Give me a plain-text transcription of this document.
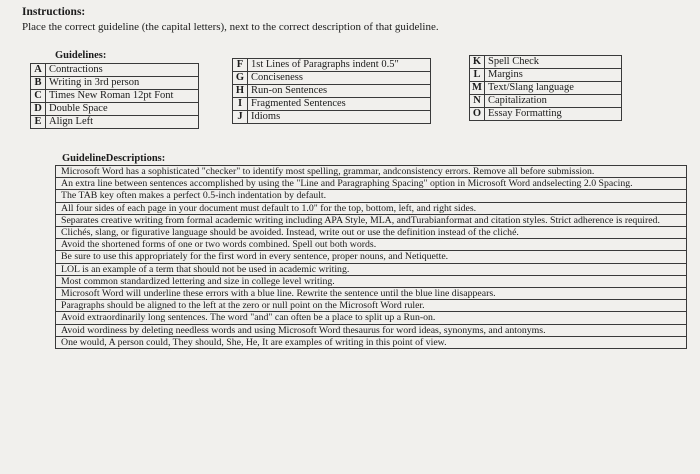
Instructions:
Place the correct guideline (the capital letters), next to the correct description of that guideline.
Guidelines:
A	Contractions
B	Writing in 3rd person
C	Times New Roman 12pt Font
D	Double Space
E	Align Left
F	1st Lines of Paragraphs indent 0.5"
G	Conciseness
H	Run-on Sentences
I	Fragmented Sentences
J	Idioms
K	Spell Check
L	Margins
M	Text/Slang language
N	Capitalization
O	Essay Formatting
GuidelineDescriptions:
Microsoft Word has a sophisticated "checker" to identify most spelling, grammar, andconsistency errors. Remove all before submission.
An extra line between sentences accomplished by using the "Line and Paragraphing Spacing" option in Microsoft Word andselecting 2.0 Spacing.
The TAB key often makes a perfect 0.5-inch indentation by default.
All four sides of each page in your document must default to 1.0" for the top, bottom, left, and right sides.
Separates creative writing from formal academic writing including APA Style, MLA, andTurabianformat and citation styles. Strict adherence is required.
Clichés, slang, or figurative language should be avoided. Instead, write out or use the definition instead of the cliché.
Avoid the shortened forms of one or two words combined. Spell out both words.
Be sure to use this appropriately for the first word in every sentence, proper nouns, and Netiquette.
LOL is an example of a term that should not be used in academic writing.
Most common standardized lettering and size in college level writing.
Microsoft Word will underline these errors with a blue line. Rewrite the sentence until the blue line disappears.
Paragraphs should be aligned to the left at the zero or null point on the Microsoft Word ruler.
Avoid extraordinarily long sentences. The word "and" can often be a place to split up a Run-on.
Avoid wordiness by deleting needless words and using Microsoft Word thesaurus for word ideas, synonyms, and antonyms.
One would, A person could, They should, She, He, It are examples of writing in this point of view.
